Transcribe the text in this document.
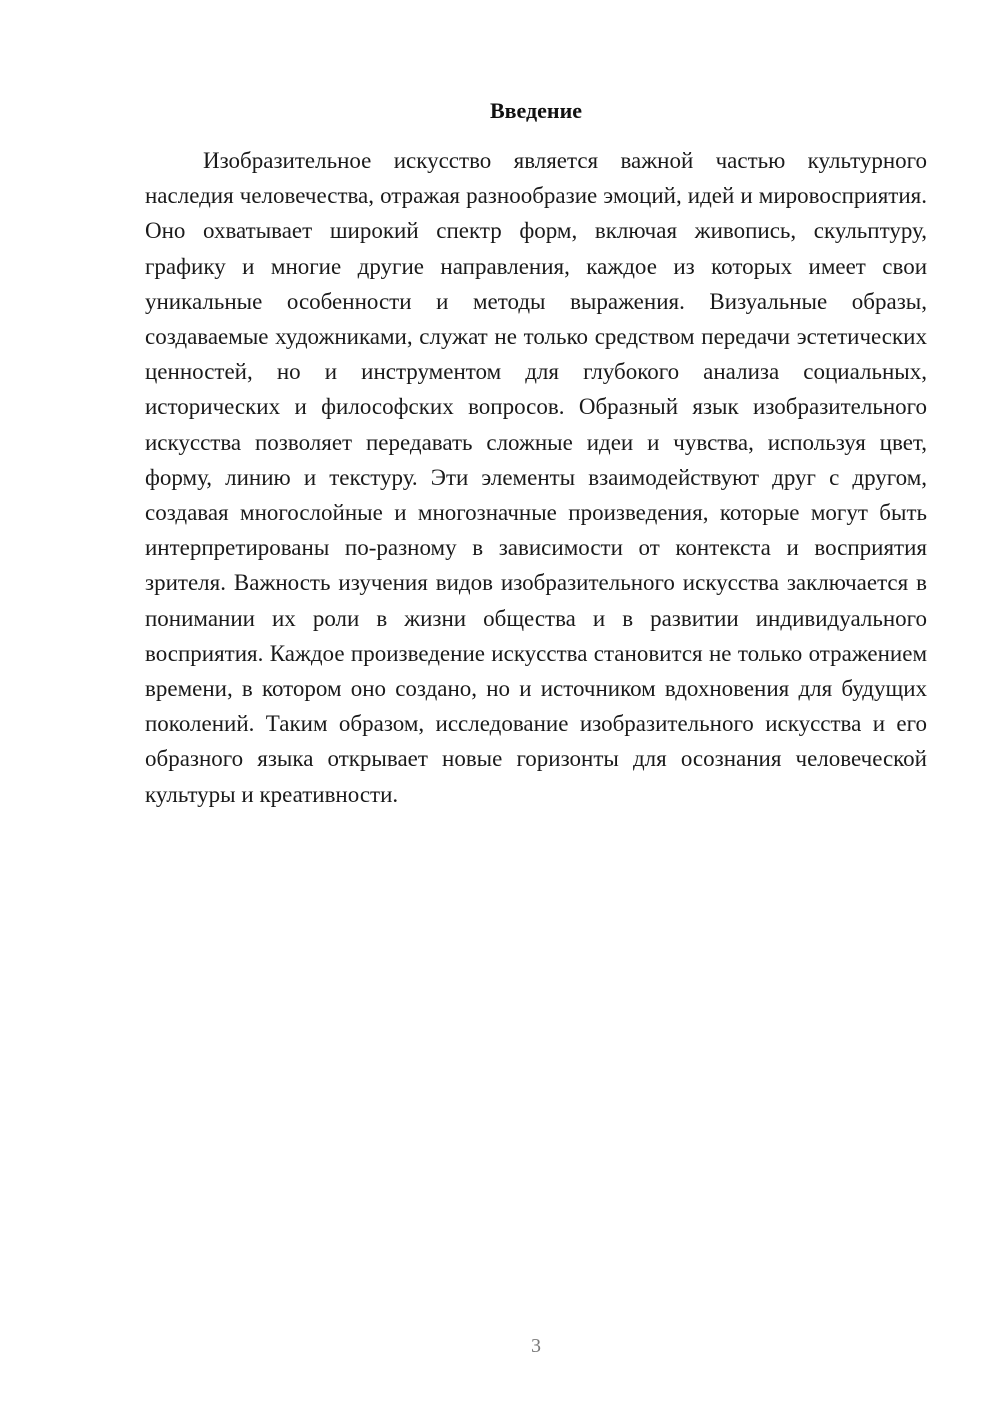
Введение

Изобразительное искусство является важной частью культурного наследия человечества, отражая разнообразие эмоций, идей и мировосприятия. Оно охватывает широкий спектр форм, включая живопись, скульптуру, графику и многие другие направления, каждое из которых имеет свои уникальные особенности и методы выражения. Визуальные образы, создаваемые художниками, служат не только средством передачи эстетических ценностей, но и инструментом для глубокого анализа социальных, исторических и философских вопросов. Образный язык изобразительного искусства позволяет передавать сложные идеи и чувства, используя цвет, форму, линию и текстуру. Эти элементы взаимодействуют друг с другом, создавая многослойные и многозначные произведения, которые могут быть интерпретированы по-разному в зависимости от контекста и восприятия зрителя. Важность изучения видов изобразительного искусства заключается в понимании их роли в жизни общества и в развитии индивидуального восприятия. Каждое произведение искусства становится не только отражением времени, в котором оно создано, но и источником вдохновения для будущих поколений. Таким образом, исследование изобразительного искусства и его образного языка открывает новые горизонты для осознания человеческой культуры и креативности.

3
